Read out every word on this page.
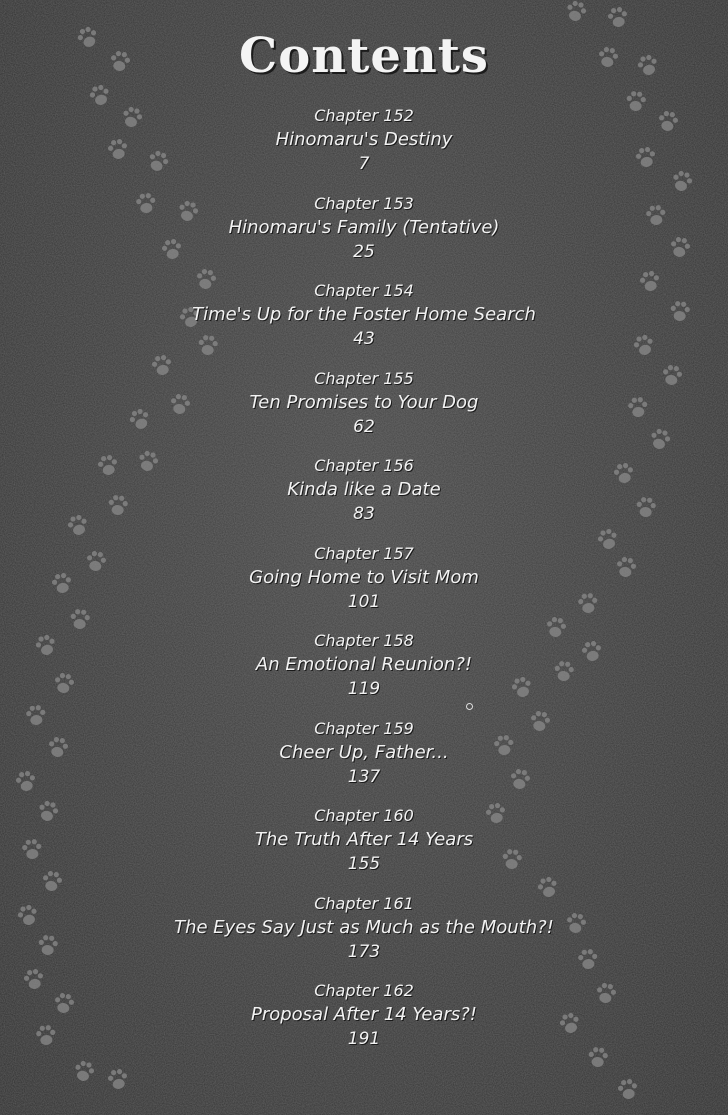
Contents
Chapter 152
Hinomaru's Destiny
7
Chapter 153
Hinomaru's Family (Tentative)
25
Chapter 154
Time's Up for the Foster Home Search
43
Chapter 155
Ten Promises to Your Dog
62
Chapter 156
Kinda like a Date
83
Chapter 157
Going Home to Visit Mom
101
Chapter 158
An Emotional Reunion?!
119
Chapter 159
Cheer Up, Father...
137
Chapter 160
The Truth After 14 Years
155
Chapter 161
The Eyes Say Just as Much as the Mouth?!
173
Chapter 162
Proposal After 14 Years?!
191
